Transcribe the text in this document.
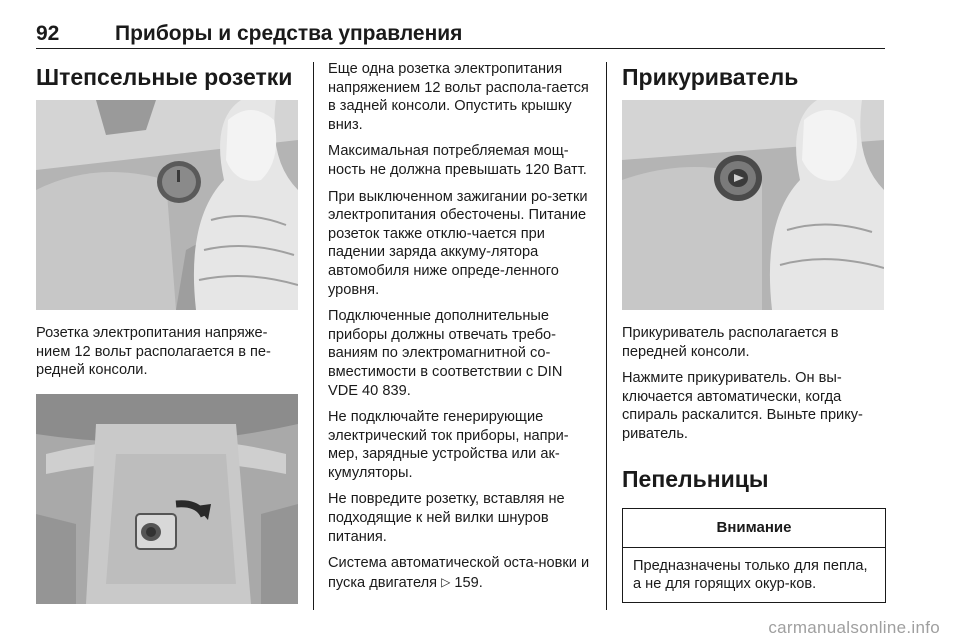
92	Приборы и средства управления
Штепсельные розетки

Розетка электропитания напряже-нием 12 вольт располагается в пе-редней консоли.

Еще одна розетка электропитания напряжением 12 вольт распола-гается в задней консоли. Опустить крышку вниз.

Максимальная потребляемая мощ-ность не должна превышать 120 Ватт.

При выключенном зажигании ро-зетки электропитания обесточены. Питание розеток также отклю-чается при падении заряда аккуму-лятора автомобиля ниже опреде-ленного уровня.

Подключенные дополнительные приборы должны отвечать требо-ваниям по электромагнитной со-вместимости в соответствии с DIN VDE 40 839.

Не подключайте генерирующие электрический ток приборы, напри-мер, зарядные устройства или ак-кумуляторы.

Не повредите розетку, вставляя не подходящие к ней вилки шнуров питания.

Система автоматической оста-новки и пуска двигателя ▷ 159.

Прикуриватель

Прикуриватель располагается в передней консоли.

Нажмите прикуриватель. Он вы-ключается автоматически, когда спираль раскалится. Выньте прику-риватель.

Пепельницы
Внимание
Предназначены только для пепла, а не для горящих окур-ков.
carmanualsonline.info
